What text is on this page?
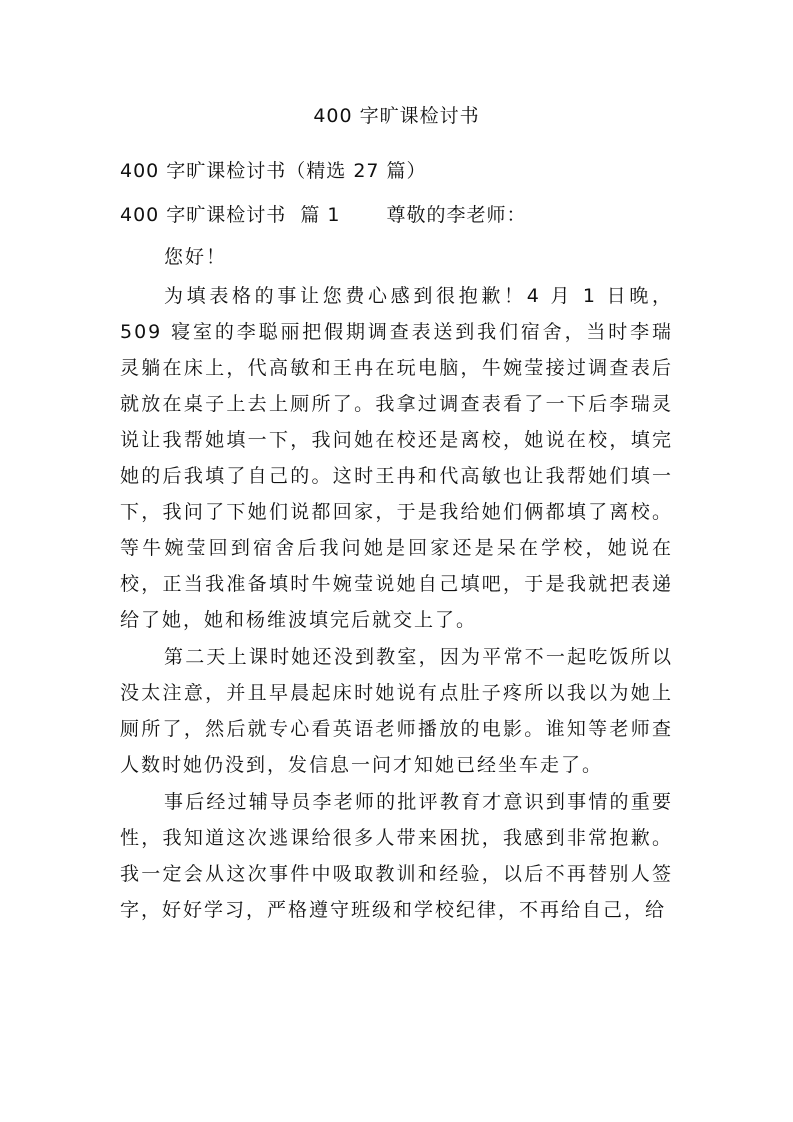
400 字旷课检讨书
400 字旷课检讨书（精选 27 篇）
400 字旷课检讨书  篇 1 尊敬的李老师：

您好！

为填表格的事让您费心感到很抱歉！4 月 1 日晚，509 寝室的李聪丽把假期调查表送到我们宿舍，当时李瑞灵躺在床上，代高敏和王冉在玩电脑，牛婉莹接过调查表后就放在桌子上去上厕所了。我拿过调查表看了一下后李瑞灵说让我帮她填一下，我问她在校还是离校，她说在校，填完她的后我填了自己的。这时王冉和代高敏也让我帮她们填一下，我问了下她们说都回家，于是我给她们俩都填了离校。等牛婉莹回到宿舍后我问她是回家还是呆在学校，她说在校，正当我准备填时牛婉莹说她自己填吧，于是我就把表递给了她，她和杨维波填完后就交上了。

第二天上课时她还没到教室，因为平常不一起吃饭所以没太注意，并且早晨起床时她说有点肚子疼所以我以为她上厕所了，然后就专心看英语老师播放的电影。谁知等老师查人数时她仍没到，发信息一问才知她已经坐车走了。

事后经过辅导员李老师的批评教育才意识到事情的重要性，我知道这次逃课给很多人带来困扰，我感到非常抱歉。我一定会从这次事件中吸取教训和经验，以后不再替别人签字，好好学习，严格遵守班级和学校纪律，不再给自己，给
